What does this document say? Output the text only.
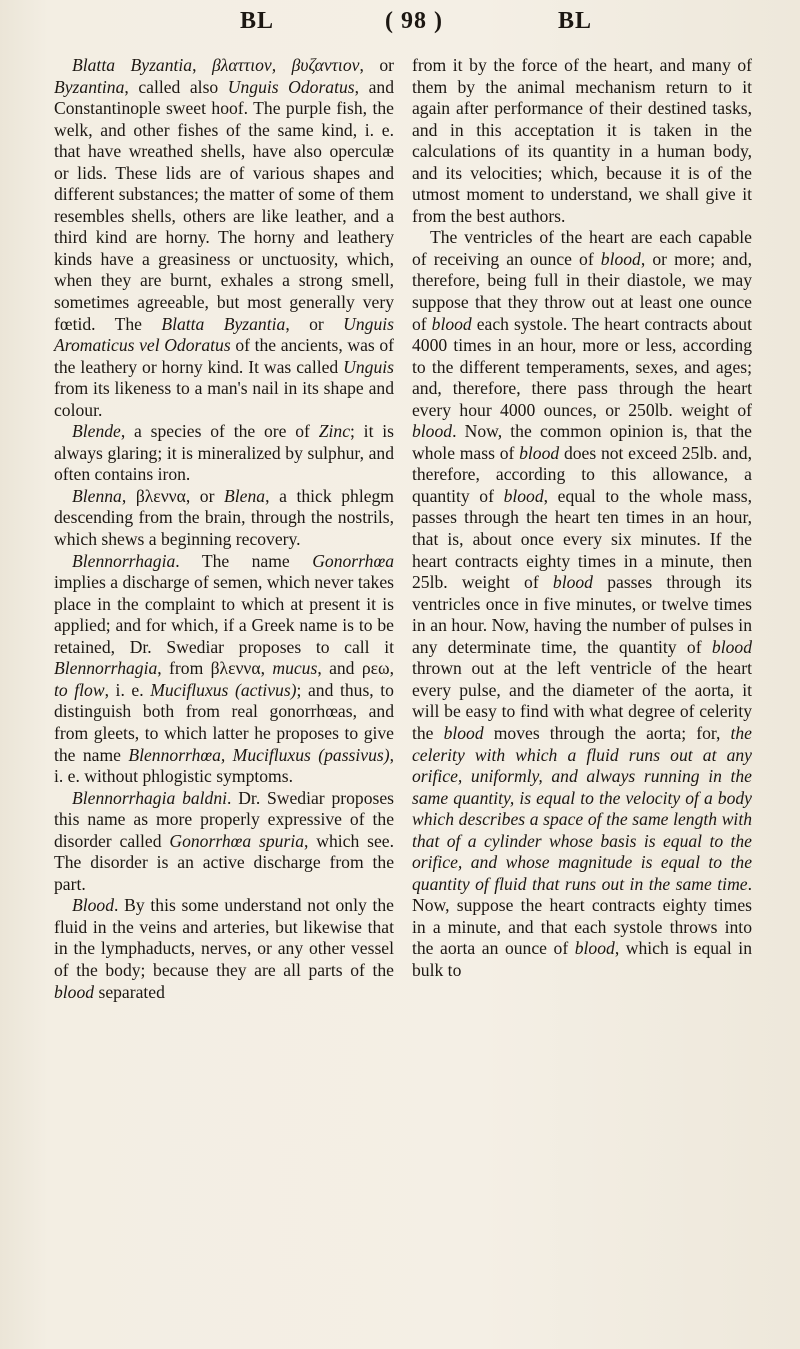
BL	( 98 )	BL

Blatta Byzantia, βλαττιον, βυζαντιον, or Byzantina, called also Unguis Odoratus, and Constantinople sweet hoof. The purple fish, the welk, and other fishes of the same kind, i. e. that have wreathed shells, have also operculæ or lids. These lids are of various shapes and different substances; the matter of some of them resembles shells, others are like leather, and a third kind are horny. The horny and leathery kinds have a greasiness or unctuosity, which, when they are burnt, exhales a strong smell, sometimes agreeable, but most generally very fœtid. The Blatta Byzantia, or Unguis Aromaticus vel Odoratus of the ancients, was of the leathery or horny kind. It was called Unguis from its likeness to a man's nail in its shape and colour.

Blende, a species of the ore of Zinc; it is always glaring; it is mineralized by sulphur, and often contains iron.

Blenna, βλεννα, or Blena, a thick phlegm descending from the brain, through the nostrils, which shews a beginning recovery.

Blennorrhagia. The name Gonorrhœa implies a discharge of semen, which never takes place in the complaint to which at present it is applied; and for which, if a Greek name is to be retained, Dr. Swediar proposes to call it Blennorrhagia, from βλεννα, mucus, and ρεω, to flow, i. e. Mucifluxus (activus); and thus, to distinguish both from real gonorrhœas, and from gleets, to which latter he proposes to give the name Blennorrhœa, Mucifluxus (passivus), i. e. without phlogistic symptoms.

Blennorrhagia baldni. Dr. Swediar proposes this name as more properly expressive of the disorder called Gonorrhœa spuria, which see. The disorder is an active discharge from the part.

Blood. By this some understand not only the fluid in the veins and arteries, but likewise that in the lymphaducts, nerves, or any other vessel of the body; because they are all parts of the blood separated

from it by the force of the heart, and many of them by the animal mechanism return to it again after performance of their destined tasks, and in this acceptation it is taken in the calculations of its quantity in a human body, and its velocities; which, because it is of the utmost moment to understand, we shall give it from the best authors.

The ventricles of the heart are each capable of receiving an ounce of blood, or more; and, therefore, being full in their diastole, we may suppose that they throw out at least one ounce of blood each systole. The heart contracts about 4000 times in an hour, more or less, according to the different temperaments, sexes, and ages; and, therefore, there pass through the heart every hour 4000 ounces, or 250lb. weight of blood. Now, the common opinion is, that the whole mass of blood does not exceed 25lb. and, therefore, according to this allowance, a quantity of blood, equal to the whole mass, passes through the heart ten times in an hour, that is, about once every six minutes. If the heart contracts eighty times in a minute, then 25lb. weight of blood passes through its ventricles once in five minutes, or twelve times in an hour. Now, having the number of pulses in any determinate time, the quantity of blood thrown out at the left ventricle of the heart every pulse, and the diameter of the aorta, it will be easy to find with what degree of celerity the blood moves through the aorta; for, the celerity with which a fluid runs out at any orifice, uniformly, and always running in the same quantity, is equal to the velocity of a body which describes a space of the same length with that of a cylinder whose basis is equal to the orifice, and whose magnitude is equal to the quantity of fluid that runs out in the same time. Now, suppose the heart contracts eighty times in a minute, and that each systole throws into the aorta an ounce of blood, which is equal in bulk to
